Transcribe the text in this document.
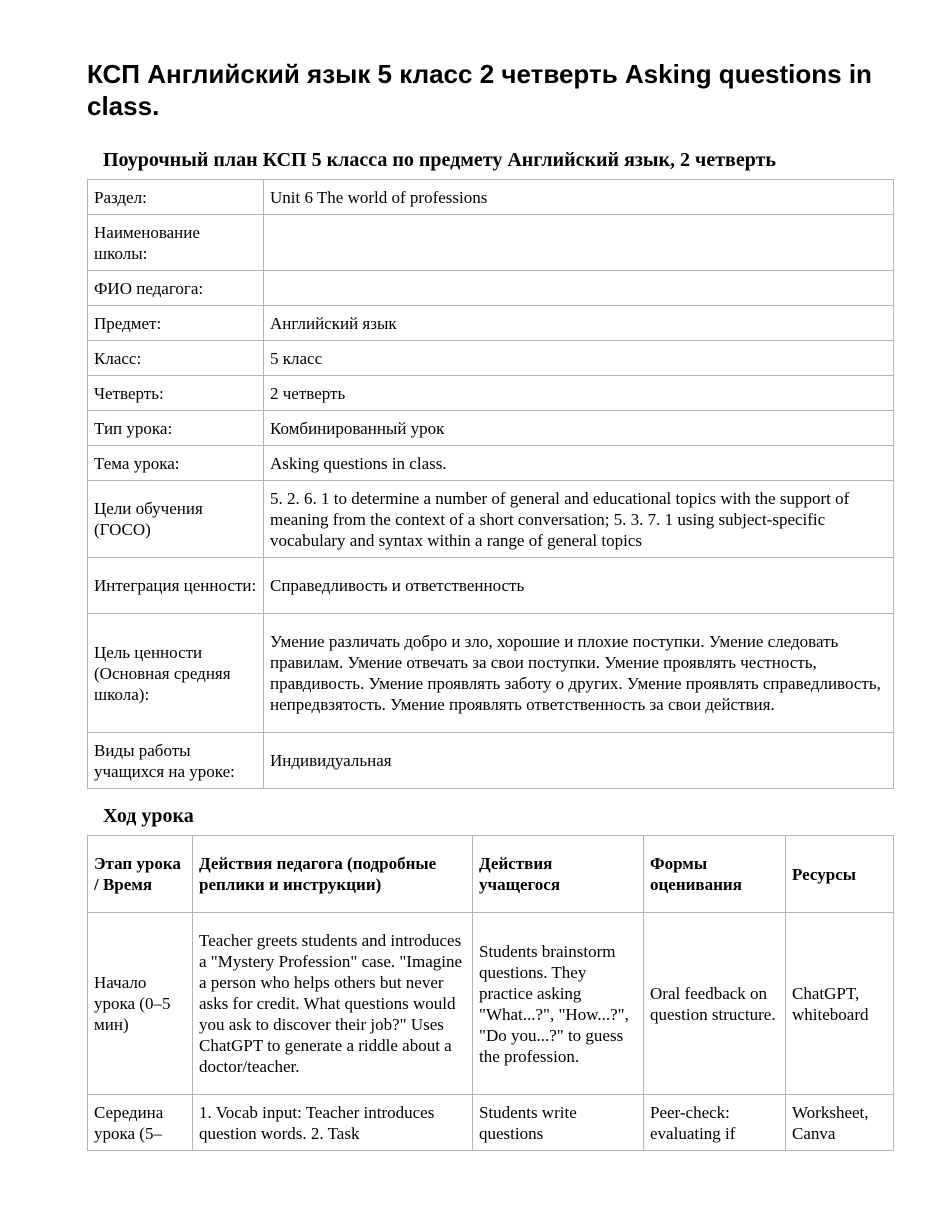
КСП Английский язык 5 класс 2 четверть Asking questions in class.
Поурочный план КСП 5 класса по предмету Английский язык, 2 четверть
Раздел:	Unit 6 The world of professions
Наименование школы:	
ФИО педагога:	
Предмет:	Английский язык
Класс:	5 класс
Четверть:	2 четверть
Тип урока:	Комбинированный урок
Тема урока:	Asking questions in class.
Цели обучения (ГОСО)	5. 2. 6. 1 to determine a number of general and educational topics with the support of meaning from the context of a short conversation; 5. 3. 7. 1 using subject-specific vocabulary and syntax within a range of general topics
Интеграция ценности:	Справедливость и ответственность
Цель ценности (Основная средняя школа):	Умение различать добро и зло, хорошие и плохие поступки. Умение следовать правилам. Умение отвечать за свои поступки. Умение проявлять честность, правдивость. Умение проявлять заботу о других. Умение проявлять справедливость, непредвзятость. Умение проявлять ответственность за свои действия.
Виды работы учащихся на уроке:	Индивидуальная
Ход урока
Этап урока / Время	Действия педагога (подробные реплики и инструкции)	Действия учащегося	Формы оценивания	Ресурсы
Начало урока (0–5 мин)	Teacher greets students and introduces a "Mystery Profession" case. "Imagine a person who helps others but never asks for credit. What questions would you ask to discover their job?" Uses ChatGPT to generate a riddle about a doctor/teacher.	Students brainstorm questions. They practice asking "What...?", "How...?", "Do you...?" to guess the profession.	Oral feedback on question structure.	ChatGPT, whiteboard
Середина урока (5–	1. Vocab input: Teacher introduces question words. 2. Task	Students write questions	Peer-check: evaluating if	Worksheet, Canva
